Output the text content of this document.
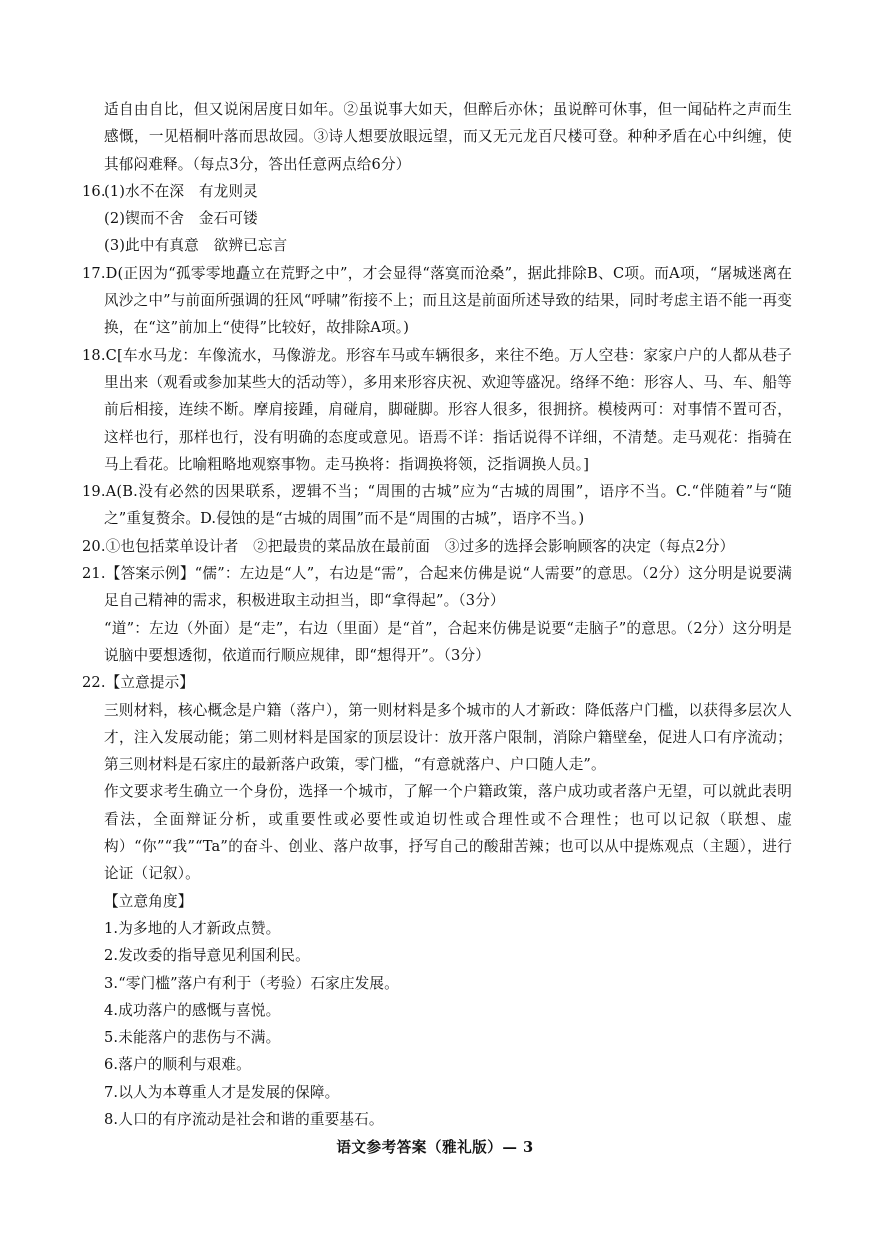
适自由自比，但又说闲居度日如年。②虽说事大如天，但醉后亦休；虽说醉可休事，但一闻砧杵之声而生感慨，一见梧桐叶落而思故园。③诗人想要放眼远望，而又无元龙百尺楼可登。种种矛盾在心中纠缠，使其郁闷难释。（每点3分，答出任意两点给6分）

16.

(1)水不在深　有龙则灵

(2)锲而不舍　金石可镂

(3)此中有真意　欲辨已忘言

17.D(正因为“孤零零地矗立在荒野之中”，才会显得“落寞而沧桑”，据此排除B、C项。而A项，“屠城迷离在风沙之中”与前面所强调的狂风“呼啸”衔接不上；而且这是前面所述导致的结果，同时考虑主语不能一再变换，在“这”前加上“使得”比较好，故排除A项。)

18.C[车水马龙：车像流水，马像游龙。形容车马或车辆很多，来往不绝。万人空巷：家家户户的人都从巷子里出来（观看或参加某些大的活动等），多用来形容庆祝、欢迎等盛况。络绎不绝：形容人、马、车、船等前后相接，连续不断。摩肩接踵，肩碰肩，脚碰脚。形容人很多，很拥挤。模棱两可：对事情不置可否，这样也行，那样也行，没有明确的态度或意见。语焉不详：指话说得不详细，不清楚。走马观花：指骑在马上看花。比喻粗略地观察事物。走马换将：指调换将领，泛指调换人员。]

19.A(B.没有必然的因果联系，逻辑不当；“周围的古城”应为“古城的周围”，语序不当。C.“伴随着”与“随之”重复赘余。D.侵蚀的是“古城的周围”而不是“周围的古城”，语序不当。)

20.①也包括菜单设计者　②把最贵的菜品放在最前面　③过多的选择会影响顾客的决定（每点2分）

21.【答案示例】“儒”：左边是“人”，右边是“需”，合起来仿佛是说“人需要”的意思。（2分）这分明是说要满足自己精神的需求，积极进取主动担当，即“拿得起”。（3分）

“道”：左边（外面）是“走”，右边（里面）是“首”，合起来仿佛是说要“走脑子”的意思。（2分）这分明是说脑中要想透彻，依道而行顺应规律，即“想得开”。（3分）

22.【立意提示】

三则材料，核心概念是户籍（落户），第一则材料是多个城市的人才新政：降低落户门槛，以获得多层次人才，注入发展动能；第二则材料是国家的顶层设计：放开落户限制，消除户籍壁垒，促进人口有序流动；第三则材料是石家庄的最新落户政策，零门槛，“有意就落户、户口随人走”。

作文要求考生确立一个身份，选择一个城市，了解一个户籍政策，落户成功或者落户无望，可以就此表明看法，全面辩证分析，或重要性或必要性或迫切性或合理性或不合理性；也可以记叙（联想、虚构）“你”“我”“Ta”的奋斗、创业、落户故事，抒写自己的酸甜苦辣；也可以从中提炼观点（主题），进行论证（记叙）。

【立意角度】

1.为多地的人才新政点赞。

2.发改委的指导意见利国利民。

3.“零门槛”落户有利于（考验）石家庄发展。

4.成功落户的感慨与喜悦。

5.未能落户的悲伤与不满。

6.落户的顺利与艰难。

7.以人为本尊重人才是发展的保障。

8.人口的有序流动是社会和谐的重要基石。

语文参考答案（雅礼版）— 3
